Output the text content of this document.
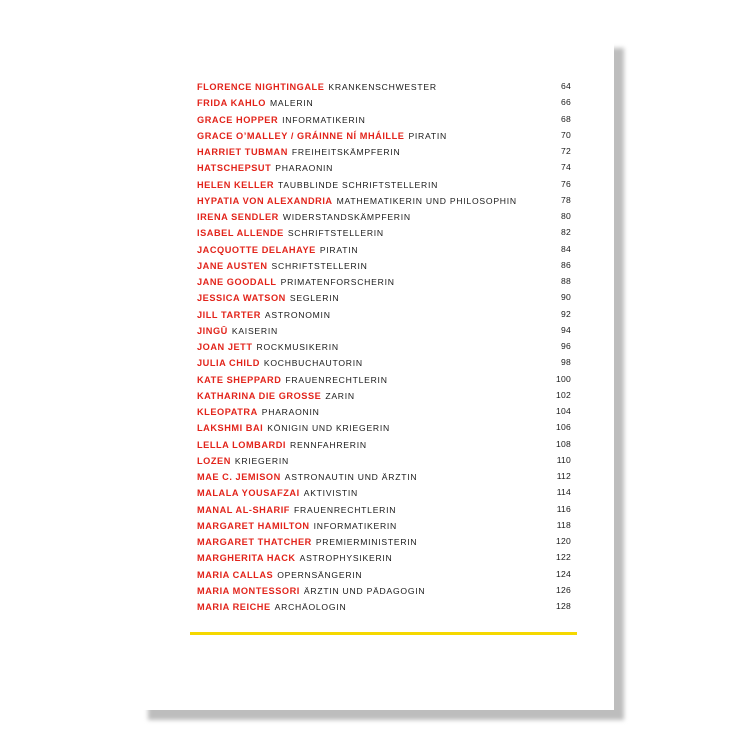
FLORENCE NIGHTINGALE KRANKENSCHWESTER	64
FRIDA KAHLO MALERIN	66
GRACE HOPPER INFORMATIKERIN	68
GRACE O’MALLEY / GRÁINNE NÍ MHÁILLE PIRATIN	70
HARRIET TUBMAN FREIHEITSKÄMPFERIN	72
HATSCHEPSUT PHARAONIN	74
HELEN KELLER TAUBBLINDE SCHRIFTSTELLERIN	76
HYPATIA VON ALEXANDRIA MATHEMATIKERIN UND PHILOSOPHIN	78
IRENA SENDLER WIDERSTANDSKÄMPFERIN	80
ISABEL ALLENDE SCHRIFTSTELLERIN	82
JACQUOTTE DELAHAYE PIRATIN	84
JANE AUSTEN SCHRIFTSTELLERIN	86
JANE GOODALL PRIMATENFORSCHERIN	88
JESSICA WATSON SEGLERIN	90
JILL TARTER ASTRONOMIN	92
JINGŪ KAISERIN	94
JOAN JETT ROCKMUSIKERIN	96
JULIA CHILD KOCHBUCHAUTORIN	98
KATE SHEPPARD FRAUENRECHTLERIN	100
KATHARINA DIE GROSSE ZARIN	102
KLEOPATRA PHARAONIN	104
LAKSHMI BAI KÖNIGIN UND KRIEGERIN	106
LELLA LOMBARDI RENNFAHRERIN	108
LOZEN KRIEGERIN	110
MAE C. JEMISON ASTRONAUTIN UND ÄRZTIN	112
MALALA YOUSAFZAI AKTIVISTIN	114
MANAL AL-SHARIF FRAUENRECHTLERIN	116
MARGARET HAMILTON INFORMATIKERIN	118
MARGARET THATCHER PREMIERMINISTERIN	120
MARGHERITA HACK ASTROPHYSIKERIN	122
MARIA CALLAS OPERNSÄNGERIN	124
MARIA MONTESSORI ÄRZTIN UND PÄDAGOGIN	126
MARIA REICHE ARCHÄOLOGIN	128
